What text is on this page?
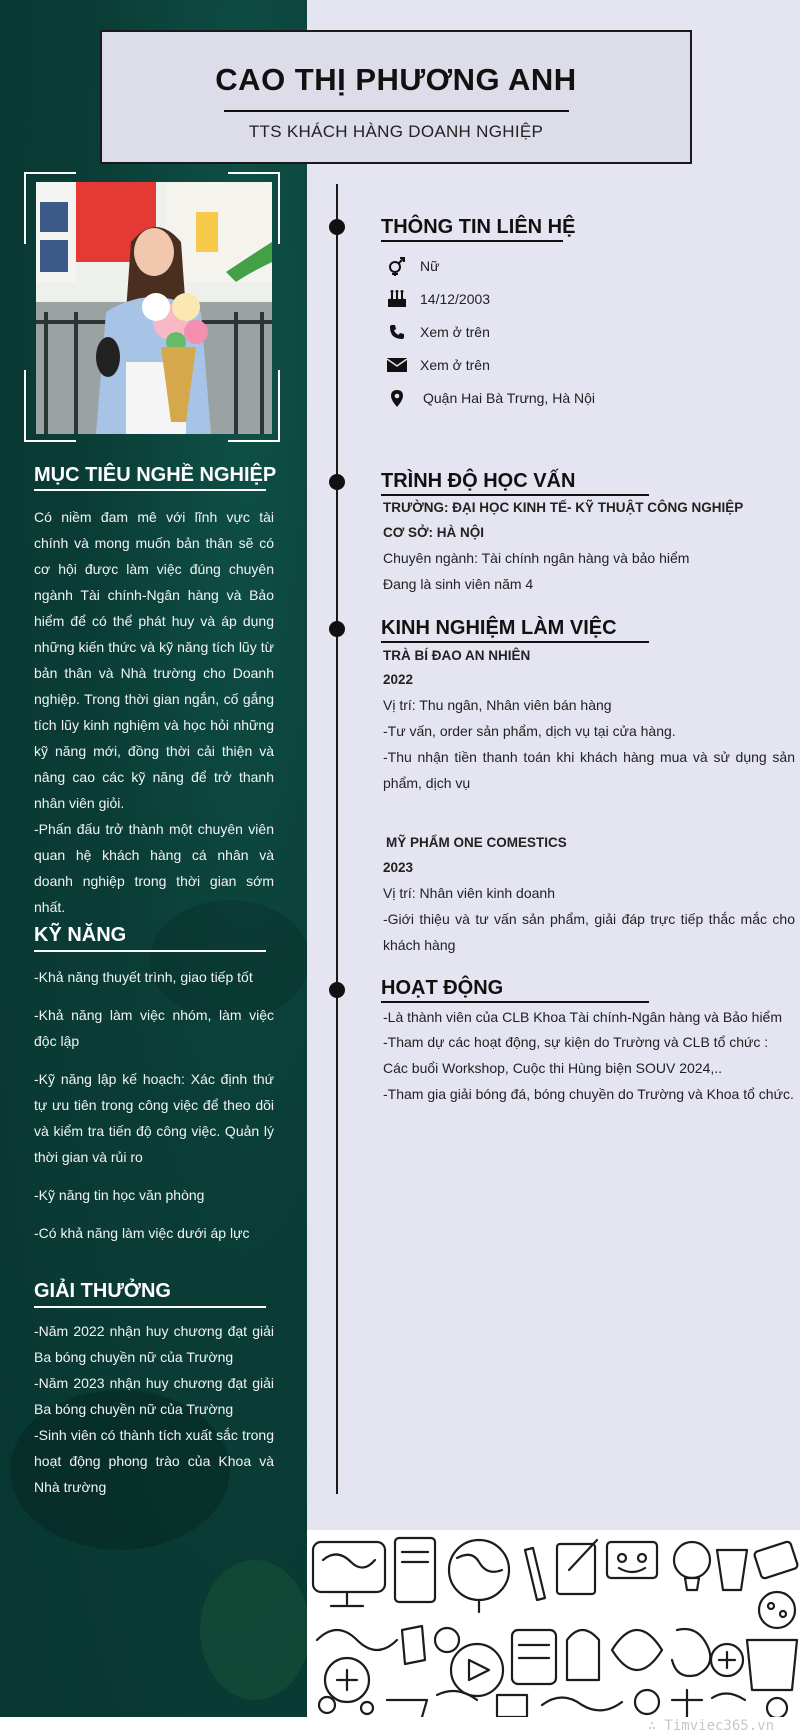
CAO THỊ PHƯƠNG ANH
TTS KHÁCH HÀNG DOANH NGHIỆP
MỤC TIÊU NGHỀ NGHIỆP

Có niềm đam mê với lĩnh vực tài chính và mong muốn bản thân sẽ có cơ hội được làm việc đúng chuyên ngành Tài chính-Ngân hàng và Bảo hiểm để có thể phát huy và áp dụng những kiến thức và kỹ năng tích lũy từ bản thân và Nhà trường cho Doanh nghiệp. Trong thời gian ngắn, cố gắng tích lũy kinh nghiệm và học hỏi những kỹ năng mới, đồng thời cải thiện và nâng cao các kỹ năng để trở thanh nhân viên giỏi.

-Phấn đấu trở thành một chuyên viên quan hệ khách hàng cá nhân và doanh nghiệp trong thời gian sớm nhất.

KỸ NĂNG

-Khả năng thuyết trình, giao tiếp tốt

-Khả năng làm việc nhóm, làm việc độc lập

-Kỹ năng lập kế hoạch: Xác định thứ tự ưu tiên trong công việc để theo dõi và kiểm tra tiến độ công việc. Quản lý thời gian và rủi ro

-Kỹ năng tin học văn phòng

-Có khả năng làm việc dưới áp lực

GIẢI THƯỞNG

-Năm 2022 nhận huy chương đạt giải Ba bóng chuyền nữ của Trường

-Năm 2023 nhận huy chương đạt giải Ba bóng chuyền nữ của Trường

-Sinh viên có thành tích xuất sắc trong hoạt động phong trào của Khoa và Nhà trường

THÔNG TIN LIÊN HỆ
Nữ
14/12/2003
Xem ở trên
Xem ở trên
Quận Hai Bà Trưng, Hà Nội
TRÌNH ĐỘ HỌC VẤN
TRƯỜNG: ĐẠI HỌC KINH TẾ- KỸ THUẬT CÔNG NGHIỆP
CƠ SỞ: HÀ NỘI
Chuyên ngành: Tài chính ngân hàng và bảo hiểm
Đang là sinh viên năm 4
KINH NGHIỆM LÀM VIỆC
TRÀ BÍ ĐAO AN NHIÊN
2022
Vị trí: Thu ngân, Nhân viên bán hàng

-Tư vấn, order sản phẩm, dịch vụ tại cửa hàng.

-Thu nhận tiền thanh toán khi khách hàng mua và sử dụng sản phẩm, dịch vụ

MỸ PHẨM ONE COMESTICS
2023
Vị trí: Nhân viên kinh doanh

-Giới thiệu và tư vấn sản phẩm, giải đáp trực tiếp thắc mắc cho khách hàng

HOẠT ĐỘNG
-Là thành viên của CLB Khoa Tài chính-Ngân hàng và Bảo hiểm
-Tham dự các hoạt động, sự kiện do Trường và CLB tổ chức :
Các buổi Workshop, Cuộc thi Hùng biện SOUV 2024,..
-Tham gia giải bóng đá, bóng chuyền do Trường và Khoa tổ chức.
∴ Timviec365.vn
